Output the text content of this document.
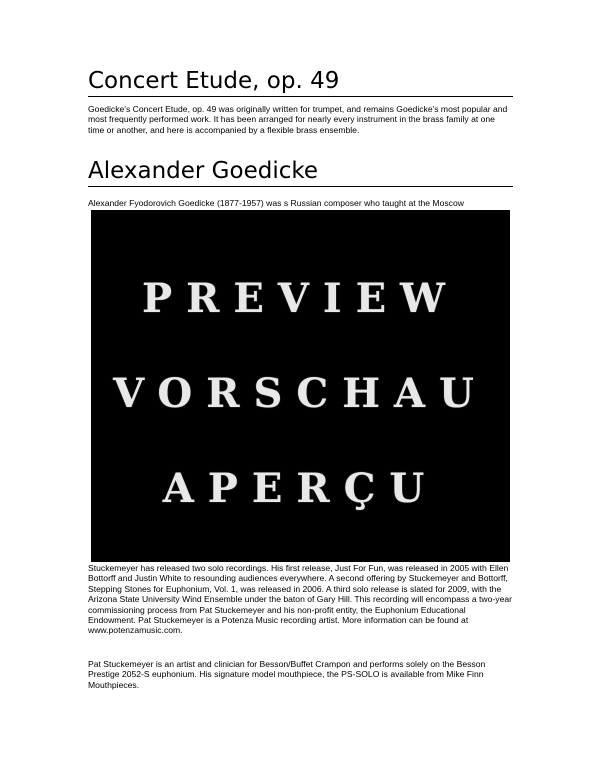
Concert Etude, op. 49

Goedicke's Concert Etude, op. 49 was originally written for trumpet, and remains Goedicke's most popular and most frequently performed work. It has been arranged for nearly every instrument in the brass family at one time or another, and here is accompanied by a flexible brass ensemble.

Alexander Goedicke

Alexander Fyodorovich Goedicke (1877-1957) was s Russian composer who taught at the Moscow

Stuckemeyer has released two solo recordings. His first release, Just For Fun, was released in 2005 with Ellen Bottorff and Justin White to resounding audiences everywhere. A second offering by Stuckemeyer and Bottorff, Stepping Stones for Euphonium, Vol. 1, was released in 2006. A third solo release is slated for 2009, with the Arizona State University Wind Ensemble under the baton of Gary Hill. This recording will encompass a two-year commissioning process from Pat Stuckemeyer and his non-profit entity, the Euphonium Educational Endowment. Pat Stuckemeyer is a Potenza Music recording artist. More information can be found at www.potenzamusic.com.

Pat Stuckemeyer is an artist and clinician for Besson/Buffet Crampon and performs solely on the Besson Prestige 2052-S euphonium. His signature model mouthpiece, the PS-SOLO is available from Mike Finn Mouthpieces.

PREVIEW
VORSCHAU
APERÇU
